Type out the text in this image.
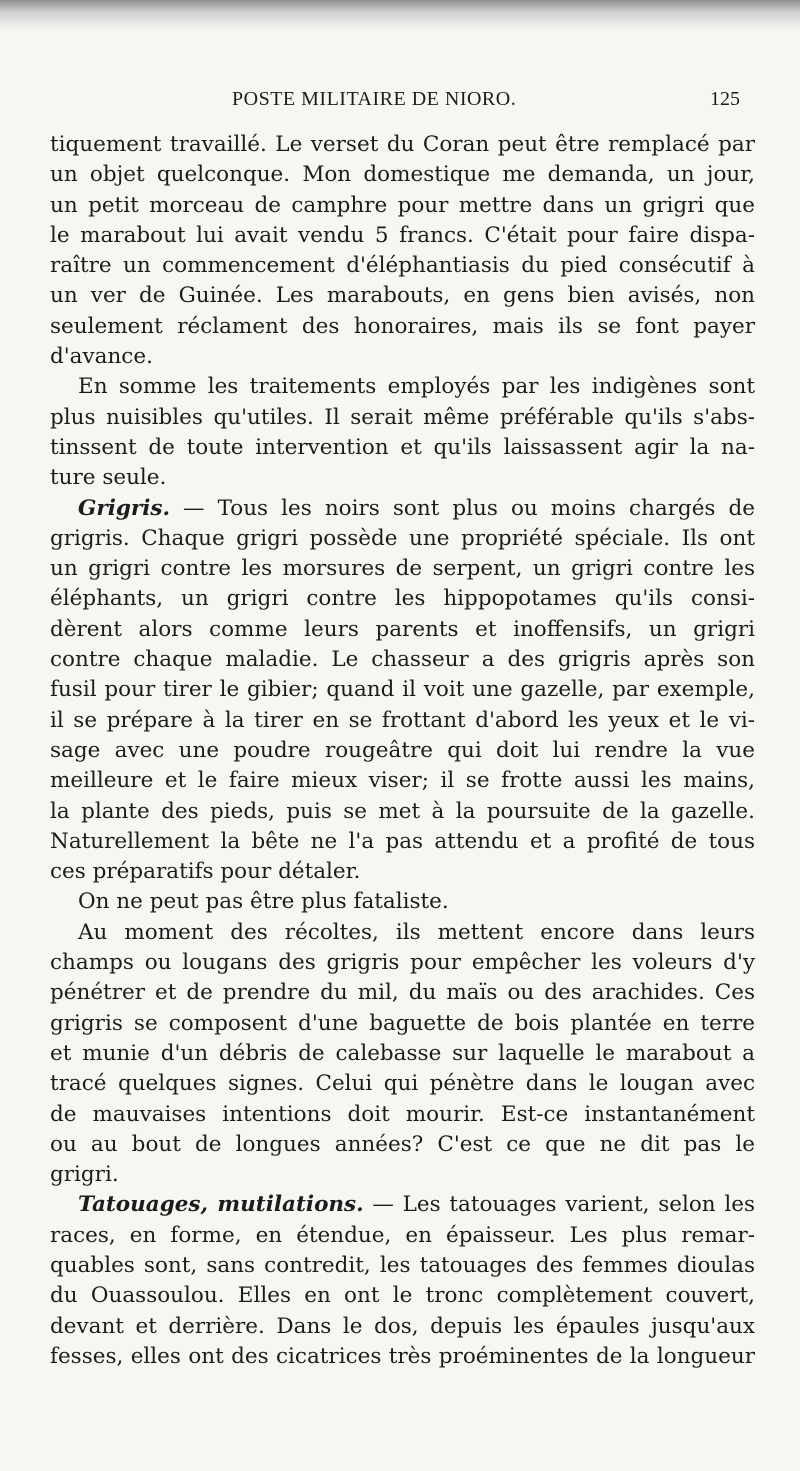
POSTE MILITAIRE DE NIORO.	125
tiquement travaillé. Le verset du Coran peut être remplacé par
un objet quelconque. Mon domestique me demanda, un jour,
un petit morceau de camphre pour mettre dans un grigri que
le marabout lui avait vendu 5 francs. C'était pour faire dispa-
raître un commencement d'éléphantiasis du pied consécutif à
un ver de Guinée. Les marabouts, en gens bien avisés, non
seulement réclament des honoraires, mais ils se font payer
d'avance.
En somme les traitements employés par les indigènes sont
plus nuisibles qu'utiles. Il serait même préférable qu'ils s'abs-
tinssent de toute intervention et qu'ils laissassent agir la na-
ture seule.
Grigris. — Tous les noirs sont plus ou moins chargés de
grigris. Chaque grigri possède une propriété spéciale. Ils ont
un grigri contre les morsures de serpent, un grigri contre les
éléphants, un grigri contre les hippopotames qu'ils consi-
dèrent alors comme leurs parents et inoffensifs, un grigri
contre chaque maladie. Le chasseur a des grigris après son
fusil pour tirer le gibier; quand il voit une gazelle, par exemple,
il se prépare à la tirer en se frottant d'abord les yeux et le vi-
sage avec une poudre rougeâtre qui doit lui rendre la vue
meilleure et le faire mieux viser; il se frotte aussi les mains,
la plante des pieds, puis se met à la poursuite de la gazelle.
Naturellement la bête ne l'a pas attendu et a profité de tous
ces préparatifs pour détaler.
On ne peut pas être plus fataliste.
Au moment des récoltes, ils mettent encore dans leurs
champs ou lougans des grigris pour empêcher les voleurs d'y
pénétrer et de prendre du mil, du maïs ou des arachides. Ces
grigris se composent d'une baguette de bois plantée en terre
et munie d'un débris de calebasse sur laquelle le marabout a
tracé quelques signes. Celui qui pénètre dans le lougan avec
de mauvaises intentions doit mourir. Est-ce instantanément
ou au bout de longues années? C'est ce que ne dit pas le
grigri.
Tatouages, mutilations. — Les tatouages varient, selon les
races, en forme, en étendue, en épaisseur. Les plus remar-
quables sont, sans contredit, les tatouages des femmes dioulas
du Ouassoulou. Elles en ont le tronc complètement couvert,
devant et derrière. Dans le dos, depuis les épaules jusqu'aux
fesses, elles ont des cicatrices très proéminentes de la longueur
